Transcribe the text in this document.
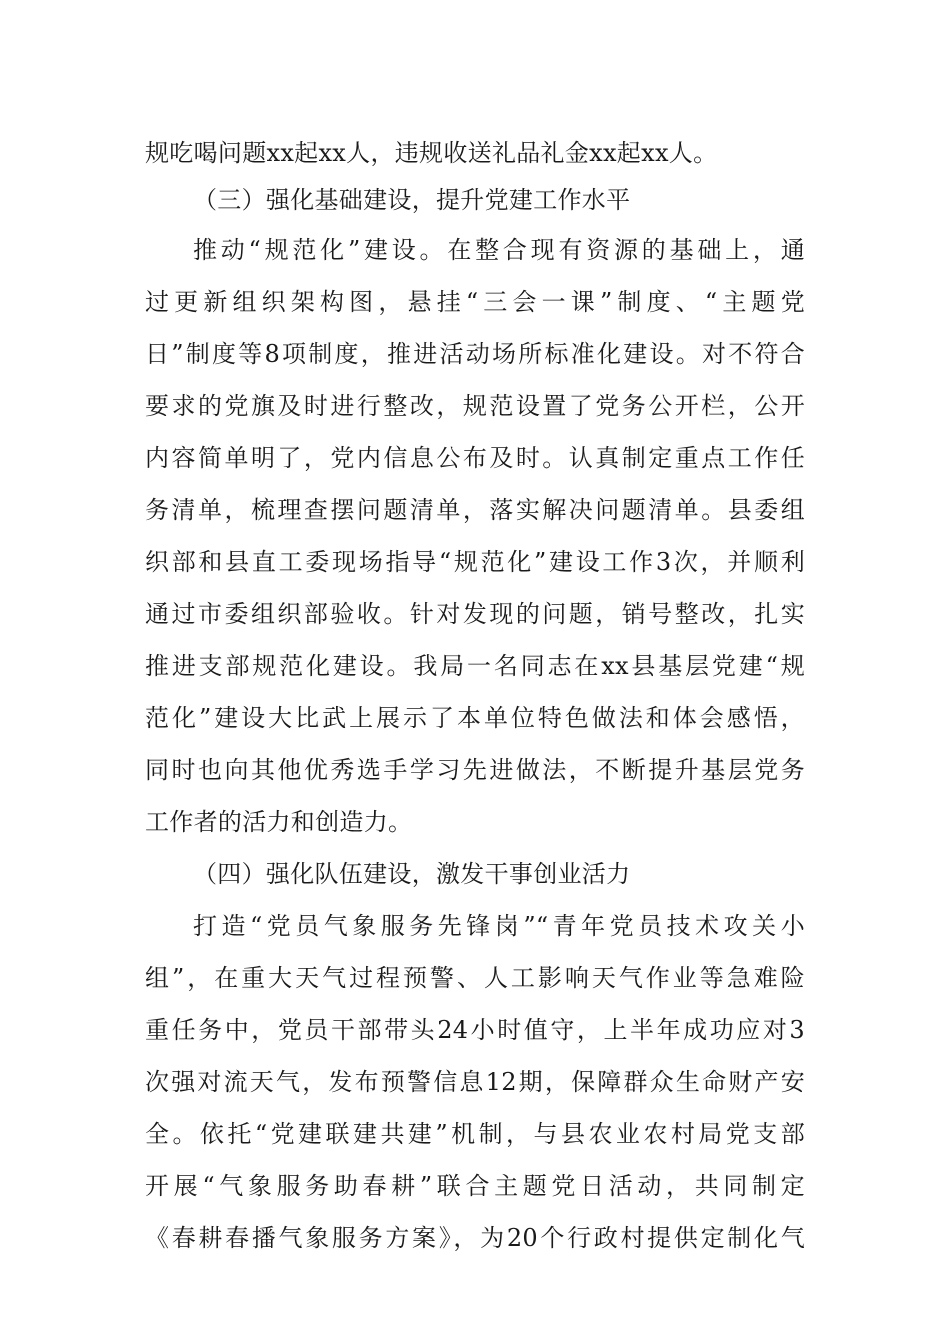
规吃喝问题xx起xx人，违规收送礼品礼金xx起xx人。
（三）强化基础建设，提升党建工作水平
推动“规范化”建设。在整合现有资源的基础上，通
过更新组织架构图，悬挂“三会一课”制度、“主题党
日”制度等8项制度，推进活动场所标准化建设。对不符合
要求的党旗及时进行整改，规范设置了党务公开栏，公开
内容简单明了，党内信息公布及时。认真制定重点工作任
务清单，梳理查摆问题清单，落实解决问题清单。县委组
织部和县直工委现场指导“规范化”建设工作3次，并顺利
通过市委组织部验收。针对发现的问题，销号整改，扎实
推进支部规范化建设。我局一名同志在xx县基层党建“规
范化”建设大比武上展示了本单位特色做法和体会感悟，
同时也向其他优秀选手学习先进做法，不断提升基层党务
工作者的活力和创造力。
（四）强化队伍建设，激发干事创业活力
打造“党员气象服务先锋岗”“青年党员技术攻关小
组”，在重大天气过程预警、人工影响天气作业等急难险
重任务中，党员干部带头24小时值守，上半年成功应对3
次强对流天气，发布预警信息12期，保障群众生命财产安
全。依托“党建联建共建”机制，与县农业农村局党支部
开展“气象服务助春耕”联合主题党日活动，共同制定
《春耕春播气象服务方案》，为20个行政村提供定制化气
